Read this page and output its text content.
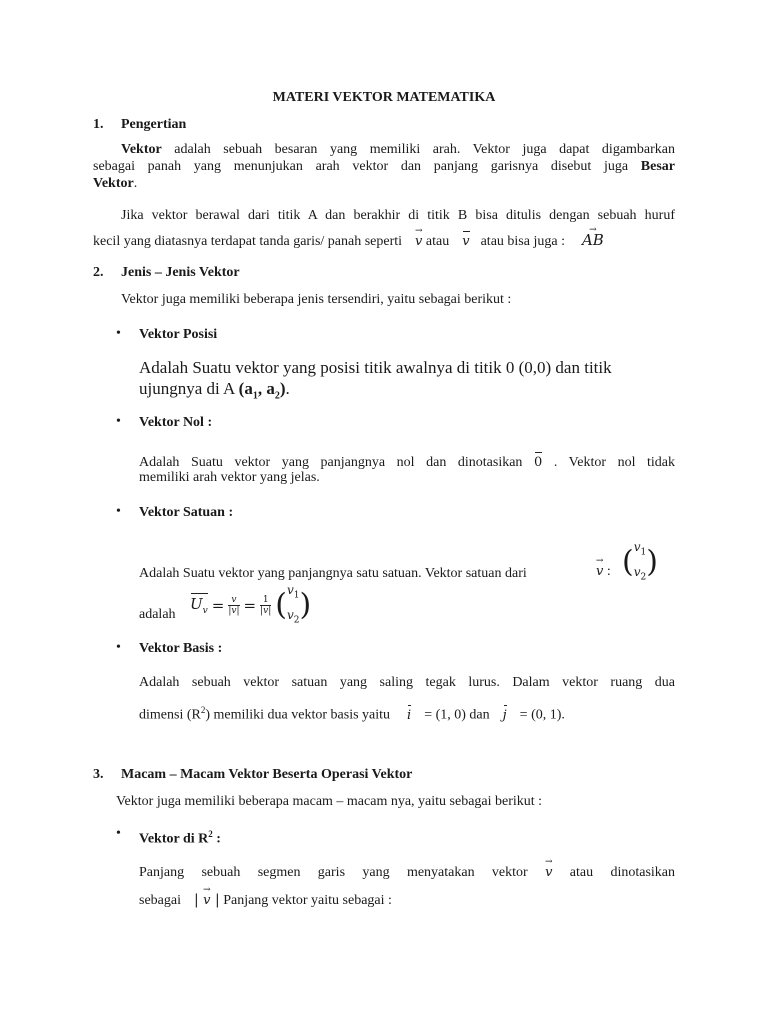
MATERI VEKTOR MATEMATIKA
1. Pengertian
Vektor adalah sebuah besaran yang memiliki arah. Vektor juga dapat digambarkan
sebagai panah yang menunjukan arah vektor dan panjang garisnya disebut juga Besar
Vektor.
Jika vektor berawal dari titik A dan berakhir di titik B bisa ditulis dengan sebuah huruf
kecil yang diatasnya terdapat tanda garis/ panah seperti → v atau v atau bisa juga : → AB
2. Jenis – Jenis Vektor
Vektor juga memiliki beberapa jenis tersendiri, yaitu sebagai berikut :
• Vektor Posisi
Adalah Suatu vektor yang posisi titik awalnya di titik 0 (0,0) dan titik
ujungnya di A ($a_1$, $a_2$).
• Vektor Nol :
Adalah Suatu vektor yang panjangnya nol dan dinotasikan 0 . Vektor nol tidak
memiliki arah vektor yang jelas.
• Vektor Satuan :
Adalah Suatu vektor yang panjangnya satu satuan. Vektor satuan dari	→ v : ($v_1$
$v_2$)
adalah
$U_v = \frac{v}{|v|} = \frac{1}{|v|} (v_1$
$v_2$)
• Vektor Basis :
Adalah sebuah vektor satuan yang saling tegak lurus. Dalam vektor ruang dua
dimensi $(R^2)$ memiliki dua vektor basis yaitu i = (1, 0) dan j = (0, 1).
3. Macam – Macam Vektor Beserta Operasi Vektor
Vektor juga memiliki beberapa macam – macam nya, yaitu sebagai berikut :
• Vektor di $R^2$ :
Panjang sebuah segmen garis yang menyatakan vektor → v atau dinotasikan
sebagai | → v | Panjang vektor yaitu sebagai :
